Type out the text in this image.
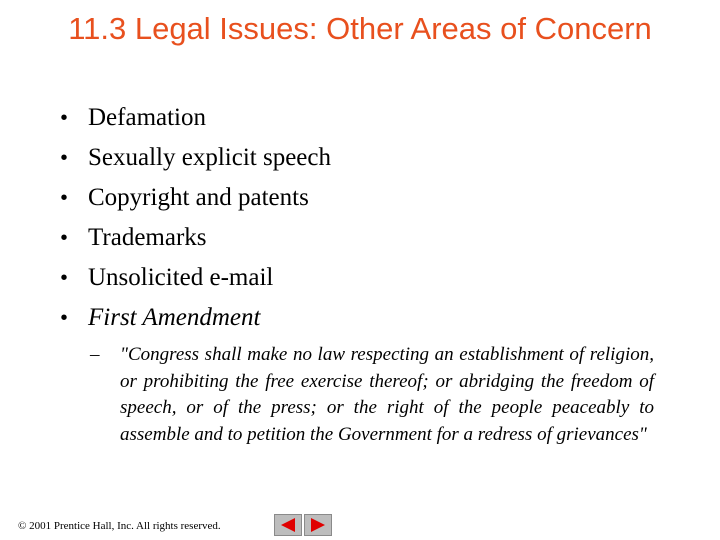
11.3 Legal Issues: Other Areas of Concern
• Defamation
• Sexually explicit speech
• Copyright and patents
• Trademarks
• Unsolicited e-mail
• First Amendment
– "Congress shall make no law respecting an establishment of religion, or prohibiting the free exercise thereof; or abridging the freedom of speech, or of the press; or the right of the people peaceably to assemble and to petition the Government for a redress of grievances"
© 2001 Prentice Hall, Inc. All rights reserved.
